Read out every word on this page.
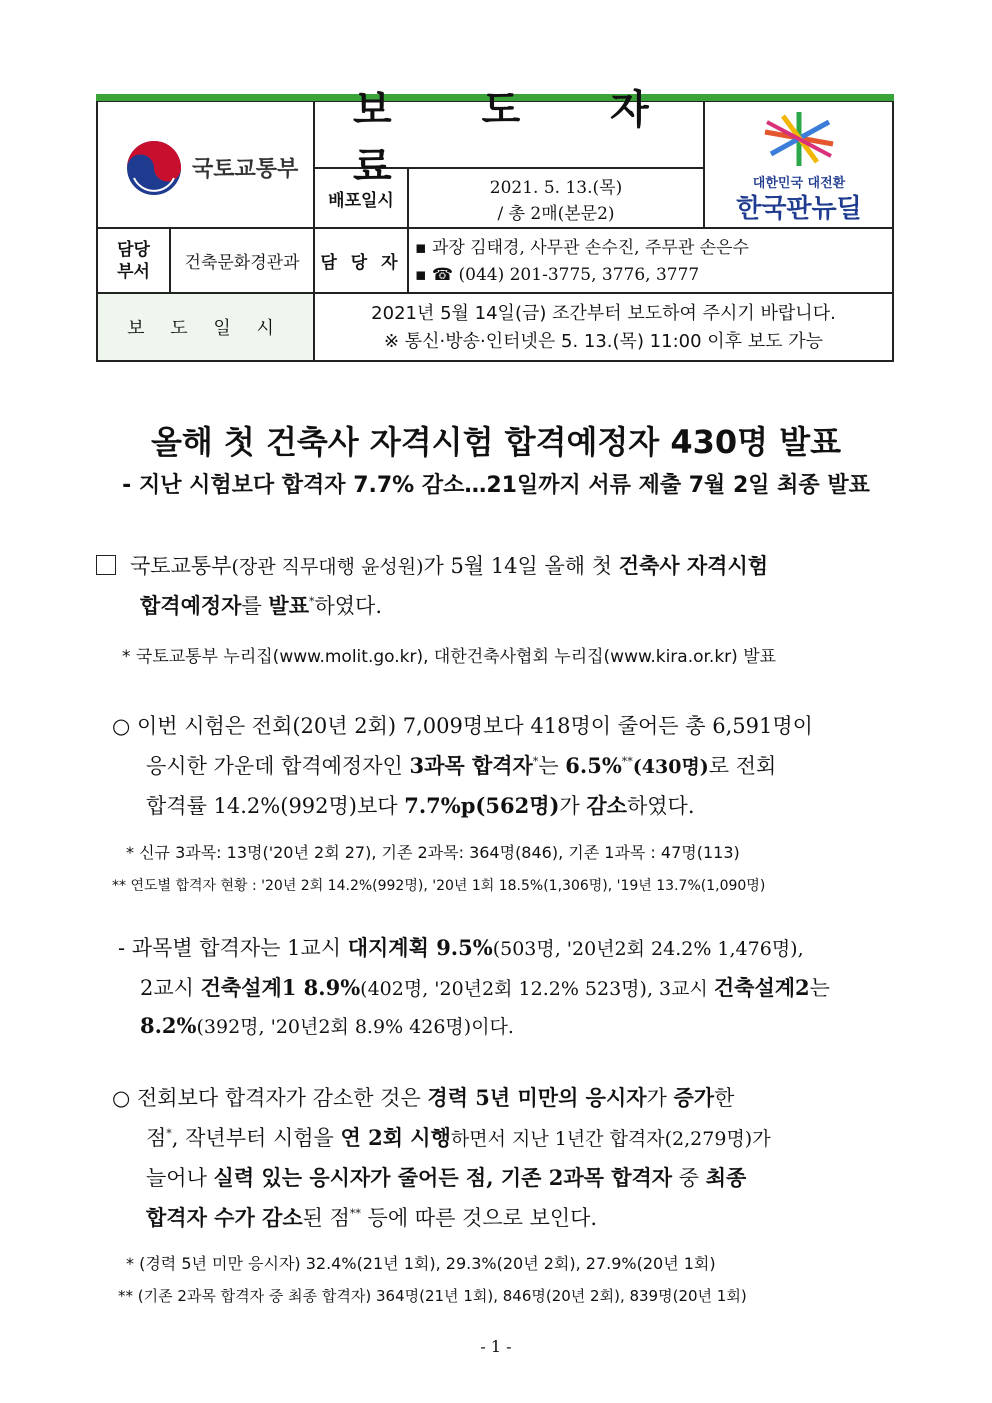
국토교통부
보 도 자 료
배포일시
2021. 5. 13.(목)
/ 총 2매(본문2)
대한민국 대전환
한국판뉴딜
담당
부서	건축문화경관과	담 당 자
▪ 과장 김태경, 사무관 손수진, 주무관 손은수
▪ ☎ (044) 201-3775, 3776, 3777
보 도 일 시
2021년 5월 14일(금) 조간부터 보도하여 주시기 바랍니다.
※ 통신·방송·인터넷은 5. 13.(목) 11:00 이후 보도 가능
올해 첫 건축사 자격시험 합격예정자 430명 발표
- 지난 시험보다 합격자 7.7% 감소…21일까지 서류 제출 7월 2일 최종 발표
국토교통부(장관 직무대행 윤성원)가 5월 14일 올해 첫 건축사 자격시험
합격예정자를 발표*하였다.
* 국토교통부 누리집(www.molit.go.kr), 대한건축사협회 누리집(www.kira.or.kr) 발표
○ 이번 시험은 전회(20년 2회) 7,009명보다 418명이 줄어든 총 6,591명이
응시한 가운데 합격예정자인 3과목 합격자*는 6.5%**(430명)로 전회
합격률 14.2%(992명)보다 7.7%p(562명)가 감소하였다.
* 신규 3과목: 13명('20년 2회 27), 기존 2과목: 364명(846), 기존 1과목 : 47명(113)
** 연도별 합격자 현황 : '20년 2회 14.2%(992명), '20년 1회 18.5%(1,306명), '19년 13.7%(1,090명)
- 과목별 합격자는 1교시 대지계획 9.5%(503명, '20년2회 24.2% 1,476명),
2교시 건축설계1 8.9%(402명, '20년2회 12.2% 523명), 3교시 건축설계2는
8.2%(392명, '20년2회 8.9% 426명)이다.
○ 전회보다 합격자가 감소한 것은 경력 5년 미만의 응시자가 증가한
점*, 작년부터 시험을 연 2회 시행하면서 지난 1년간 합격자(2,279명)가
늘어나 실력 있는 응시자가 줄어든 점, 기존 2과목 합격자 중 최종
합격자 수가 감소된 점** 등에 따른 것으로 보인다.
* (경력 5년 미만 응시자) 32.4%(21년 1회), 29.3%(20년 2회), 27.9%(20년 1회)
** (기존 2과목 합격자 중 최종 합격자) 364명(21년 1회), 846명(20년 2회), 839명(20년 1회)
- 1 -
